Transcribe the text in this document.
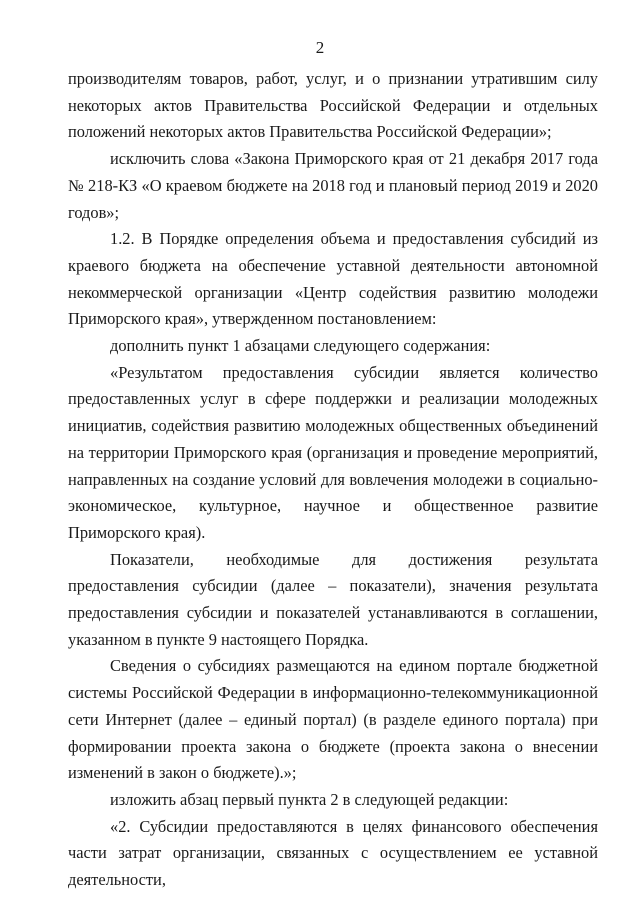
2

производителям товаров, работ, услуг, и о признании утратившим силу некоторых актов Правительства Российской Федерации и отдельных положений некоторых актов Правительства Российской Федерации»;

исключить слова «Закона Приморского края от 21 декабря 2017 года № 218-КЗ «О краевом бюджете на 2018 год и плановый период 2019 и 2020 годов»;

1.2. В Порядке определения объема и предоставления субсидий из краевого бюджета на обеспечение уставной деятельности автономной некоммерческой организации «Центр содействия развитию молодежи Приморского края», утвержденном постановлением:

дополнить пункт 1 абзацами следующего содержания:

«Результатом предоставления субсидии является количество предоставленных услуг в сфере поддержки и реализации молодежных инициатив, содействия развитию молодежных общественных объединений на территории Приморского края (организация и проведение мероприятий, направленных на создание условий для вовлечения молодежи в социально-экономическое, культурное, научное и общественное развитие Приморского края).

Показатели, необходимые для достижения результата предоставления субсидии (далее – показатели), значения результата предоставления субсидии и показателей устанавливаются в соглашении, указанном в пункте 9 настоящего Порядка.

Сведения о субсидиях размещаются на едином портале бюджетной системы Российской Федерации в информационно-телекоммуникационной сети Интернет (далее – единый портал) (в разделе единого портала) при формировании проекта закона о бюджете (проекта закона о внесении изменений в закон о бюджете).»;

изложить абзац первый пункта 2 в следующей редакции:

«2. Субсидии предоставляются в целях финансового обеспечения части затрат организации, связанных с осуществлением ее уставной деятельности,
